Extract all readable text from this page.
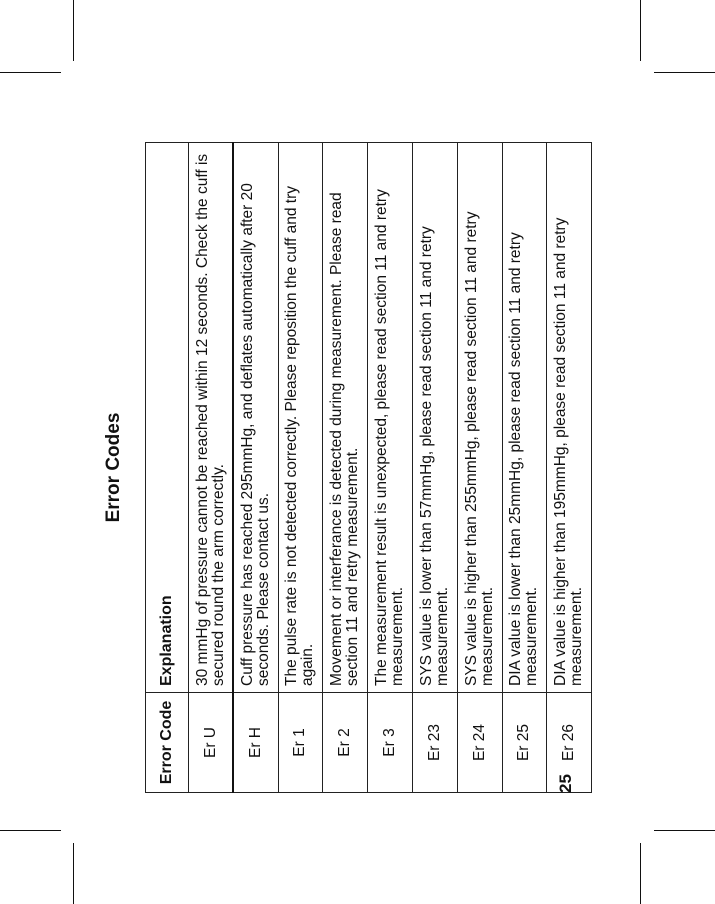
Error Codes
Error Code	Explanation
Er U	30 mmHg of pressure cannot be reached within 12 seconds. Check the cuff is secured round the arm correctly.
Er H	Cuff pressure has reached 295mmHg, and deflates automatically after 20 seconds. Please contact us.
Er 1	The pulse rate is not detected correctly. Please reposition the cuff and try again.
Er 2	Movement or interferance is detected during measurement. Please read section 11 and retry measurement.
Er 3	The measurement result is unexpected, please read section 11 and retry measurement.
Er 23	SYS value is lower than 57mmHg, please read section 11 and retry measurement.
Er 24	SYS value is higher than 255mmHg, please read section 11 and retry measurement.
Er 25	DIA value is lower than 25mmHg, please read section 11 and retry measurement.
Er 26	DIA value is higher than 195mmHg, please read section 11 and retry measurement.
25
